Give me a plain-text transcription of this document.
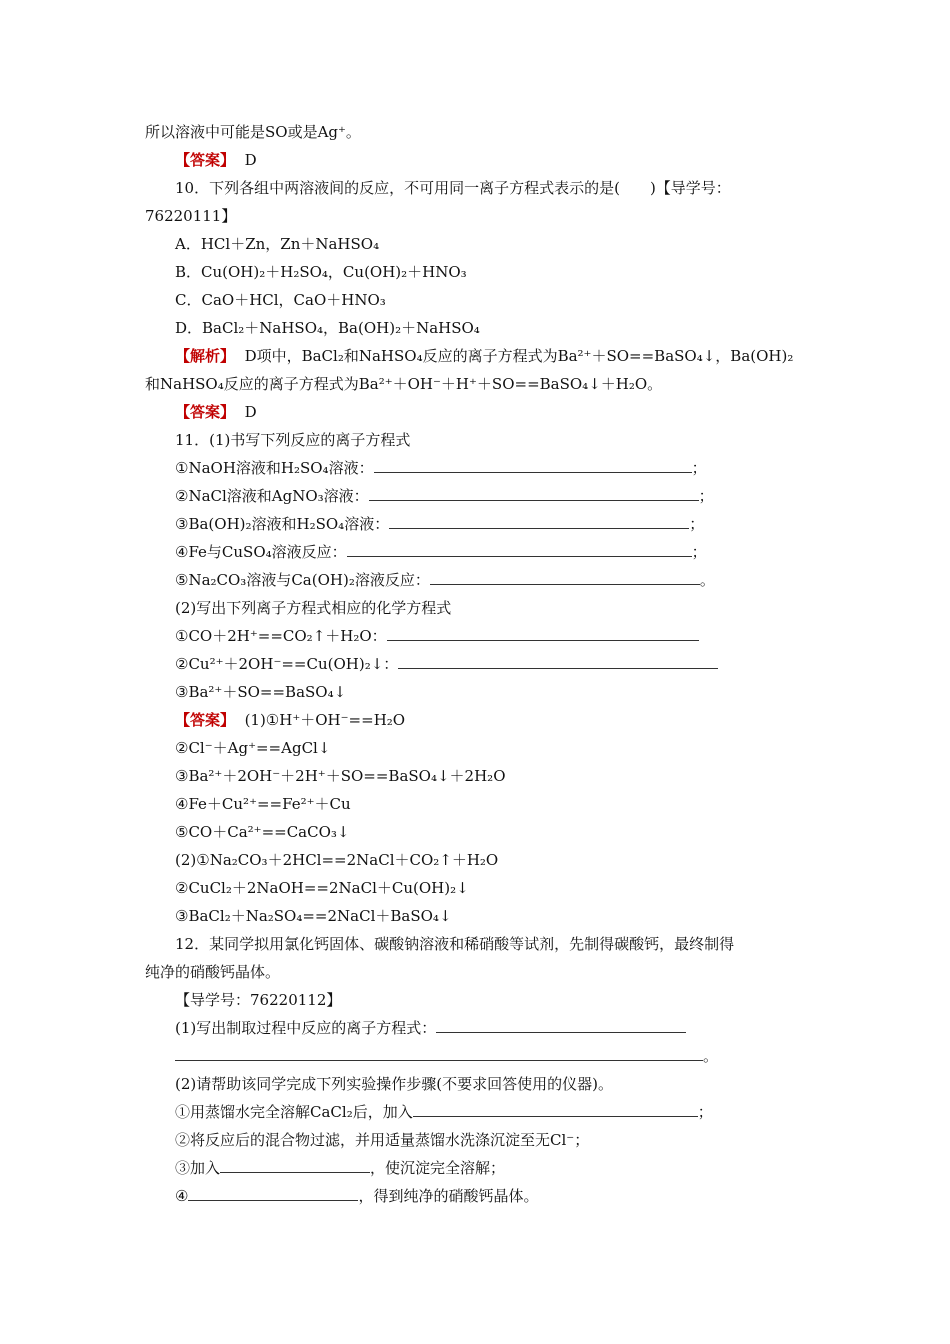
所以溶液中可能是SO或是Ag⁺。
【答案】 D
10．下列各组中两溶液间的反应，不可用同一离子方程式表示的是(　　)【导学号：
76220111】
A．HCl＋Zn，Zn＋NaHSO₄
B．Cu(OH)₂＋H₂SO₄，Cu(OH)₂＋HNO₃
C．CaO＋HCl，CaO＋HNO₃
D．BaCl₂＋NaHSO₄，Ba(OH)₂＋NaHSO₄
【解析】 D项中，BaCl₂和NaHSO₄反应的离子方程式为Ba²⁺＋SO==BaSO₄↓，Ba(OH)₂
和NaHSO₄反应的离子方程式为Ba²⁺＋OH⁻＋H⁺＋SO==BaSO₄↓＋H₂O。
【答案】 D
11．(1)书写下列反应的离子方程式
①NaOH溶液和H₂SO₄溶液：	；
②NaCl溶液和AgNO₃溶液：	；
③Ba(OH)₂溶液和H₂SO₄溶液：	；
④Fe与CuSO₄溶液反应：	；
⑤Na₂CO₃溶液与Ca(OH)₂溶液反应：	。
(2)写出下列离子方程式相应的化学方程式
①CO＋2H⁺==CO₂↑＋H₂O：
②Cu²⁺＋2OH⁻==Cu(OH)₂↓：
③Ba²⁺＋SO==BaSO₄↓
【答案】 (1)①H⁺＋OH⁻==H₂O
②Cl⁻＋Ag⁺==AgCl↓
③Ba²⁺＋2OH⁻＋2H⁺＋SO==BaSO₄↓＋2H₂O
④Fe＋Cu²⁺==Fe²⁺＋Cu
⑤CO＋Ca²⁺==CaCO₃↓
(2)①Na₂CO₃＋2HCl==2NaCl＋CO₂↑＋H₂O
②CuCl₂＋2NaOH==2NaCl＋Cu(OH)₂↓
③BaCl₂＋Na₂SO₄==2NaCl＋BaSO₄↓
12．某同学拟用氯化钙固体、碳酸钠溶液和稀硝酸等试剂，先制得碳酸钙，最终制得
纯净的硝酸钙晶体。
【导学号：76220112】
(1)写出制取过程中反应的离子方程式：
。
(2)请帮助该同学完成下列实验操作步骤(不要求回答使用的仪器)。
①用蒸馏水完全溶解CaCl₂后，加入	；
②将反应后的混合物过滤，并用适量蒸馏水洗涤沉淀至无Cl⁻；
③加入	，使沉淀完全溶解；
④	，得到纯净的硝酸钙晶体。
